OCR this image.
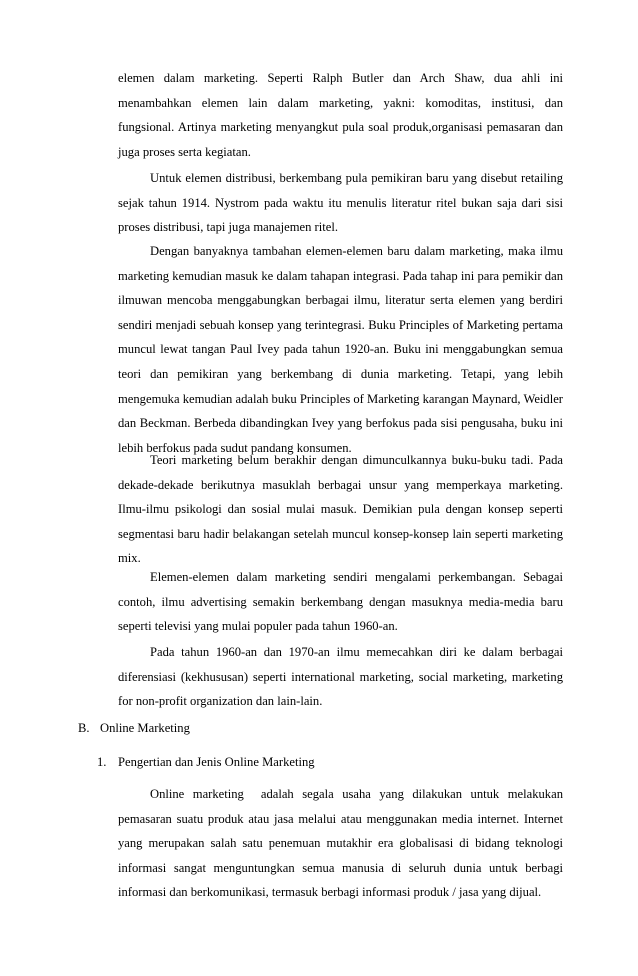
elemen dalam marketing. Seperti Ralph Butler dan Arch Shaw, dua ahli ini menambahkan elemen lain dalam marketing, yakni: komoditas, institusi, dan fungsional. Artinya marketing menyangkut pula soal produk,organisasi pemasaran dan juga proses serta kegiatan.

Untuk elemen distribusi, berkembang pula pemikiran baru yang disebut retailing sejak tahun 1914. Nystrom pada waktu itu menulis literatur ritel bukan saja dari sisi proses distribusi, tapi juga manajemen ritel.

Dengan banyaknya tambahan elemen-elemen baru dalam marketing, maka ilmu marketing kemudian masuk ke dalam tahapan integrasi. Pada tahap ini para pemikir dan ilmuwan mencoba menggabungkan berbagai ilmu, literatur serta elemen yang berdiri sendiri menjadi sebuah konsep yang terintegrasi. Buku Principles of Marketing pertama muncul lewat tangan Paul Ivey pada tahun 1920-an. Buku ini menggabungkan semua teori dan pemikiran yang berkembang di dunia marketing. Tetapi, yang lebih mengemuka kemudian adalah buku Principles of Marketing karangan Maynard, Weidler dan Beckman. Berbeda dibandingkan Ivey yang berfokus pada sisi pengusaha, buku ini lebih berfokus pada sudut pandang konsumen.

Teori marketing belum berakhir dengan dimunculkannya buku-buku tadi. Pada dekade-dekade berikutnya masuklah berbagai unsur yang memperkaya marketing. Ilmu-ilmu psikologi dan sosial mulai masuk. Demikian pula dengan konsep seperti segmentasi baru hadir belakangan setelah muncul konsep-konsep lain seperti marketing mix.

Elemen-elemen dalam marketing sendiri mengalami perkembangan. Sebagai contoh, ilmu advertising semakin berkembang dengan masuknya media-media baru seperti televisi yang mulai populer pada tahun 1960-an.

Pada tahun 1960-an dan 1970-an ilmu memecahkan diri ke dalam berbagai diferensiasi (kekhususan) seperti international marketing, social marketing, marketing for non-profit organization dan lain-lain.

B. Online Marketing
1. Pengertian dan Jenis Online Marketing

Online marketing  adalah segala usaha yang dilakukan untuk melakukan pemasaran suatu produk atau jasa melalui atau menggunakan media internet. Internet yang merupakan salah satu penemuan mutakhir era globalisasi di bidang teknologi informasi sangat menguntungkan semua manusia di seluruh dunia untuk berbagi informasi dan berkomunikasi, termasuk berbagi informasi produk / jasa yang dijual.
